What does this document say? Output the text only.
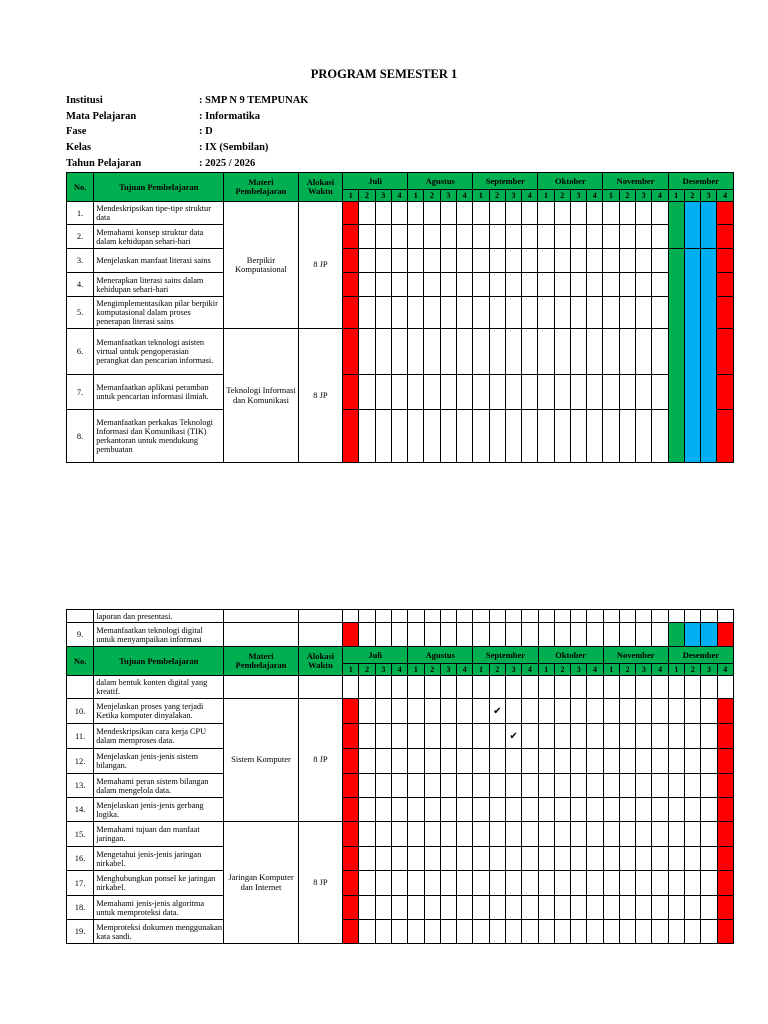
PROGRAM SEMESTER 1
Institusi	: SMP N 9 TEMPUNAK
Mata Pelajaran	: Informatika
Fase	: D
Kelas	: IX (Sembilan)
Tahun Pelajaran	: 2025 / 2026
No.	Tujuan Pembelajaran	Materi Pembelajaran	Alokasi Waktu	Juli				Agustus				September				Oktober				November				Desember			
				1	2	3	4	1	2	3	4	1	2	3	4	1	2	3	4	1	2	3	4	1	2	3	4
1.	Mendeskripsikan tipe-tipe struktur data	Berpikir Komputasional	8 JP																								
2.	Memahami konsep struktur data dalam kehidupan sehari-hari																										
3.	Menjelaskan manfaat literasi sains																										
4.	Menerapkan literasi sains dalam kehidupan sehari-hari																										
5.	Mengimplementasikan pilar berpikir komputasional dalam proses penerapan literasi sains																										
6.	Memanfaatkan teknologi asisten virtual untuk pengoperasian perangkat dan pencarian informasi.	Teknologi Informasi dan Komunikasi	8 JP																								
7.	Memanfaatkan aplikasi peramban untuk pencarian informasi ilmiah.																										
8.	Memanfaatkan perkakas Teknologi Informasi dan Komunikasi (TIK) perkantoran untuk mendukung pembuatan																										
	laporan dan presentasi.																										
9.	Memanfaatkan teknologi digital untuk menyampaikan informasi																										
No.	Tujuan Pembelajaran	Materi Pembelajaran	Alokasi Waktu	Juli				Agustus				September				Oktober				November				Desember			
				1	2	3	4	1	2	3	4	1	2	3	4	1	2	3	4	1	2	3	4	1	2	3	4
	dalam bentuk konten digital yang kreatif.																										
10.	Menjelaskan proses yang terjadi Ketika komputer dinyalakan.	Sistem Komputer	8 JP										✔														
11.	Mendeskripsikan cara kerja CPU dalam memproses data.													✔													
12.	Menjelaskan jenis-jenis sistem bilangan.																										
13.	Memahami peran sistem bilangan dalam mengelola data.																										
14.	Menjelaskan jenis-jenis gerbang logika.																										
15.	Memahami tujuan dan manfaat jaringan.	Jaringan Komputer dan Internet	8 JP																								
16.	Mengetahui jenis-jenis jaringan nirkabel.																										
17.	Menghubungkan ponsel ke jaringan nirkabel.																										
18.	Memahami jenis-jenis algoritma untuk memproteksi data.																										
19.	Memproteksi dokumen menggunakan kata sandi.																										
